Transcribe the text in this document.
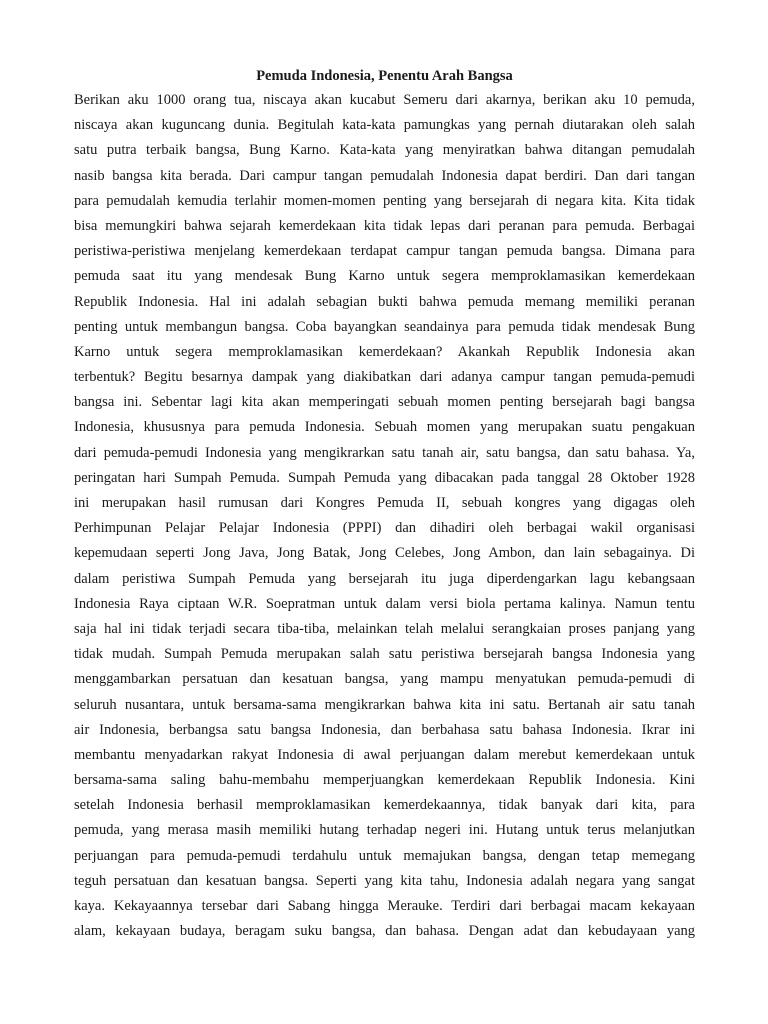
Pemuda Indonesia, Penentu Arah Bangsa
Berikan aku 1000 orang tua, niscaya akan kucabut Semeru dari akarnya, berikan aku 10 pemuda,
niscaya akan kuguncang dunia. Begitulah kata-kata pamungkas yang pernah diutarakan oleh salah
satu putra terbaik bangsa, Bung Karno. Kata-kata yang menyiratkan bahwa ditangan pemudalah
nasib bangsa kita berada. Dari campur tangan pemudalah Indonesia dapat berdiri. Dan dari tangan
para pemudalah kemudia terlahir momen-momen penting yang bersejarah di negara kita. Kita tidak
bisa memungkiri bahwa sejarah kemerdekaan kita tidak lepas dari peranan para pemuda. Berbagai
peristiwa-peristiwa menjelang kemerdekaan terdapat campur tangan pemuda bangsa. Dimana para
pemuda saat itu yang mendesak Bung Karno untuk segera memproklamasikan kemerdekaan
Republik Indonesia. Hal ini adalah sebagian bukti bahwa pemuda memang memiliki peranan
penting untuk membangun bangsa. Coba bayangkan seandainya para pemuda tidak mendesak Bung
Karno untuk segera memproklamasikan kemerdekaan? Akankah Republik Indonesia akan
terbentuk? Begitu besarnya dampak yang diakibatkan dari adanya campur tangan pemuda-pemudi
bangsa ini. Sebentar lagi kita akan memperingati sebuah momen penting bersejarah bagi bangsa
Indonesia, khususnya para pemuda Indonesia. Sebuah momen yang merupakan suatu pengakuan
dari pemuda-pemudi Indonesia yang mengikrarkan satu tanah air, satu bangsa, dan satu bahasa. Ya,
peringatan hari Sumpah Pemuda. Sumpah Pemuda yang dibacakan pada tanggal 28 Oktober 1928
ini merupakan hasil rumusan dari Kongres Pemuda II, sebuah kongres yang digagas oleh
Perhimpunan Pelajar Pelajar Indonesia (PPPI) dan dihadiri oleh berbagai wakil organisasi
kepemudaan seperti Jong Java, Jong Batak, Jong Celebes, Jong Ambon, dan lain sebagainya. Di
dalam peristiwa Sumpah Pemuda yang bersejarah itu juga diperdengarkan lagu kebangsaan
Indonesia Raya ciptaan W.R. Soepratman untuk dalam versi biola pertama kalinya. Namun tentu
saja hal ini tidak terjadi secara tiba-tiba, melainkan telah melalui serangkaian proses panjang yang
tidak mudah. Sumpah Pemuda merupakan salah satu peristiwa bersejarah bangsa Indonesia yang
menggambarkan persatuan dan kesatuan bangsa, yang mampu menyatukan pemuda-pemudi di
seluruh nusantara, untuk bersama-sama mengikrarkan bahwa kita ini satu. Bertanah air satu tanah
air Indonesia, berbangsa satu bangsa Indonesia, dan berbahasa satu bahasa Indonesia. Ikrar ini
membantu menyadarkan rakyat Indonesia di awal perjuangan dalam merebut kemerdekaan untuk
bersama-sama saling bahu-membahu memperjuangkan kemerdekaan Republik Indonesia. Kini
setelah Indonesia berhasil memproklamasikan kemerdekaannya, tidak banyak dari kita, para
pemuda, yang merasa masih memiliki hutang terhadap negeri ini. Hutang untuk terus melanjutkan
perjuangan para pemuda-pemudi terdahulu untuk memajukan bangsa, dengan tetap memegang
teguh persatuan dan kesatuan bangsa. Seperti yang kita tahu, Indonesia adalah negara yang sangat
kaya. Kekayaannya tersebar dari Sabang hingga Merauke. Terdiri dari berbagai macam kekayaan
alam, kekayaan budaya, beragam suku bangsa, dan bahasa. Dengan adat dan kebudayaan yang
